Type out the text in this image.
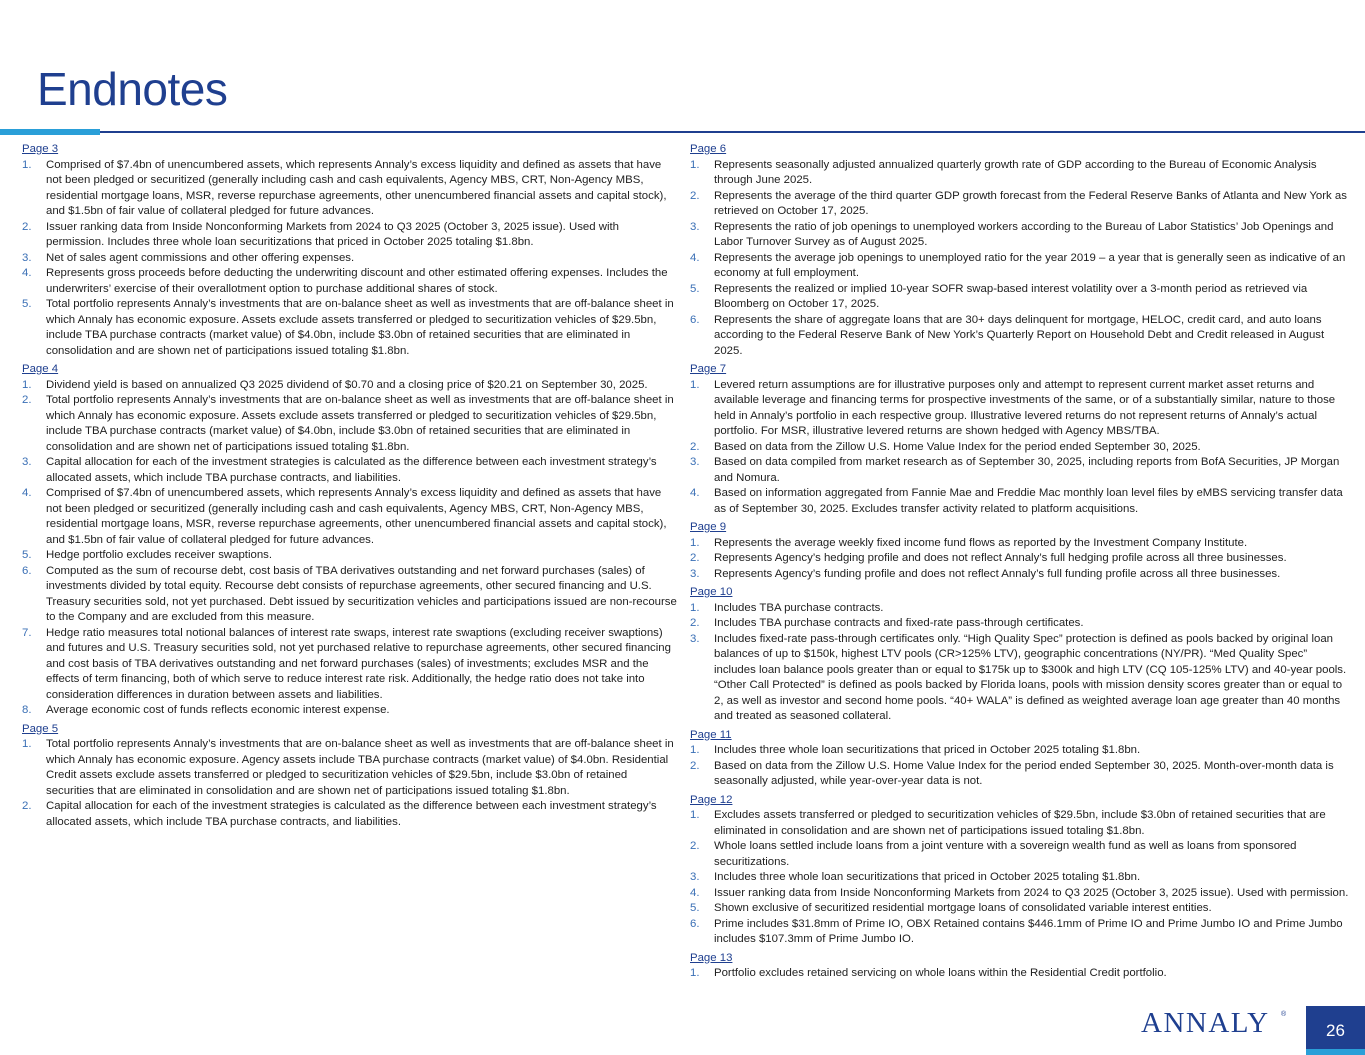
Endnotes
Page 3
1. Comprised of $7.4bn of unencumbered assets, which represents Annaly’s excess liquidity and defined as assets that have not been pledged or securitized (generally including cash and cash equivalents, Agency MBS, CRT, Non-Agency MBS, residential mortgage loans, MSR, reverse repurchase agreements, other unencumbered financial assets and capital stock), and $1.5bn of fair value of collateral pledged for future advances.
2. Issuer ranking data from Inside Nonconforming Markets from 2024 to Q3 2025 (October 3, 2025 issue). Used with permission. Includes three whole loan securitizations that priced in October 2025 totaling $1.8bn.
3. Net of sales agent commissions and other offering expenses.
4. Represents gross proceeds before deducting the underwriting discount and other estimated offering expenses. Includes the underwriters’ exercise of their overallotment option to purchase additional shares of stock.
5. Total portfolio represents Annaly’s investments that are on-balance sheet as well as investments that are off-balance sheet in which Annaly has economic exposure. Assets exclude assets transferred or pledged to securitization vehicles of $29.5bn, include TBA purchase contracts (market value) of $4.0bn, include $3.0bn of retained securities that are eliminated in consolidation and are shown net of participations issued totaling $1.8bn.
Page 4
1. Dividend yield is based on annualized Q3 2025 dividend of $0.70 and a closing price of $20.21 on September 30, 2025.
2. Total portfolio represents Annaly’s investments that are on-balance sheet as well as investments that are off-balance sheet in which Annaly has economic exposure. Assets exclude assets transferred or pledged to securitization vehicles of $29.5bn, include TBA purchase contracts (market value) of $4.0bn, include $3.0bn of retained securities that are eliminated in consolidation and are shown net of participations issued totaling $1.8bn.
3. Capital allocation for each of the investment strategies is calculated as the difference between each investment strategy’s allocated assets, which include TBA purchase contracts, and liabilities.
4. Comprised of $7.4bn of unencumbered assets, which represents Annaly’s excess liquidity and defined as assets that have not been pledged or securitized (generally including cash and cash equivalents, Agency MBS, CRT, Non-Agency MBS, residential mortgage loans, MSR, reverse repurchase agreements, other unencumbered financial assets and capital stock), and $1.5bn of fair value of collateral pledged for future advances.
5. Hedge portfolio excludes receiver swaptions.
6. Computed as the sum of recourse debt, cost basis of TBA derivatives outstanding and net forward purchases (sales) of investments divided by total equity. Recourse debt consists of repurchase agreements, other secured financing and U.S. Treasury securities sold, not yet purchased. Debt issued by securitization vehicles and participations issued are non-recourse to the Company and are excluded from this measure.
7. Hedge ratio measures total notional balances of interest rate swaps, interest rate swaptions (excluding receiver swaptions) and futures and U.S. Treasury securities sold, not yet purchased relative to repurchase agreements, other secured financing and cost basis of TBA derivatives outstanding and net forward purchases (sales) of investments; excludes MSR and the effects of term financing, both of which serve to reduce interest rate risk. Additionally, the hedge ratio does not take into consideration differences in duration between assets and liabilities.
8. Average economic cost of funds reflects economic interest expense.
Page 5
1. Total portfolio represents Annaly’s investments that are on-balance sheet as well as investments that are off-balance sheet in which Annaly has economic exposure. Agency assets include TBA purchase contracts (market value) of $4.0bn. Residential Credit assets exclude assets transferred or pledged to securitization vehicles of $29.5bn, include $3.0bn of retained securities that are eliminated in consolidation and are shown net of participations issued totaling $1.8bn.
2. Capital allocation for each of the investment strategies is calculated as the difference between each investment strategy’s allocated assets, which include TBA purchase contracts, and liabilities.
Page 6
1. Represents seasonally adjusted annualized quarterly growth rate of GDP according to the Bureau of Economic Analysis through June 2025.
2. Represents the average of the third quarter GDP growth forecast from the Federal Reserve Banks of Atlanta and New York as retrieved on October 17, 2025.
3. Represents the ratio of job openings to unemployed workers according to the Bureau of Labor Statistics’ Job Openings and Labor Turnover Survey as of August 2025.
4. Represents the average job openings to unemployed ratio for the year 2019 – a year that is generally seen as indicative of an economy at full employment.
5. Represents the realized or implied 10-year SOFR swap-based interest volatility over a 3-month period as retrieved via Bloomberg on October 17, 2025.
6. Represents the share of aggregate loans that are 30+ days delinquent for mortgage, HELOC, credit card, and auto loans according to the Federal Reserve Bank of New York’s Quarterly Report on Household Debt and Credit released in August 2025.
Page 7
1. Levered return assumptions are for illustrative purposes only and attempt to represent current market asset returns and available leverage and financing terms for prospective investments of the same, or of a substantially similar, nature to those held in Annaly’s portfolio in each respective group. Illustrative levered returns do not represent returns of Annaly’s actual portfolio. For MSR, illustrative levered returns are shown hedged with Agency MBS/TBA.
2. Based on data from the Zillow U.S. Home Value Index for the period ended September 30, 2025.
3. Based on data compiled from market research as of September 30, 2025, including reports from BofA Securities, JP Morgan and Nomura.
4. Based on information aggregated from Fannie Mae and Freddie Mac monthly loan level files by eMBS servicing transfer data as of September 30, 2025. Excludes transfer activity related to platform acquisitions.
Page 9
1. Represents the average weekly fixed income fund flows as reported by the Investment Company Institute.
2. Represents Agency’s hedging profile and does not reflect Annaly’s full hedging profile across all three businesses.
3. Represents Agency’s funding profile and does not reflect Annaly’s full funding profile across all three businesses.
Page 10
1. Includes TBA purchase contracts.
2. Includes TBA purchase contracts and fixed-rate pass-through certificates.
3. Includes fixed-rate pass-through certificates only. “High Quality Spec” protection is defined as pools backed by original loan balances of up to $150k, highest LTV pools (CR>125% LTV), geographic concentrations (NY/PR). “Med Quality Spec” includes loan balance pools greater than or equal to $175k up to $300k and high LTV (CQ 105-125% LTV) and 40-year pools. “Other Call Protected” is defined as pools backed by Florida loans, pools with mission density scores greater than or equal to 2, as well as investor and second home pools. “40+ WALA” is defined as weighted average loan age greater than 40 months and treated as seasoned collateral.
Page 11
1. Includes three whole loan securitizations that priced in October 2025 totaling $1.8bn.
2. Based on data from the Zillow U.S. Home Value Index for the period ended September 30, 2025. Month-over-month data is seasonally adjusted, while year-over-year data is not.
Page 12
1. Excludes assets transferred or pledged to securitization vehicles of $29.5bn, include $3.0bn of retained securities that are eliminated in consolidation and are shown net of participations issued totaling $1.8bn.
2. Whole loans settled include loans from a joint venture with a sovereign wealth fund as well as loans from sponsored securitizations.
3. Includes three whole loan securitizations that priced in October 2025 totaling $1.8bn.
4. Issuer ranking data from Inside Nonconforming Markets from 2024 to Q3 2025 (October 3, 2025 issue). Used with permission.
5. Shown exclusive of securitized residential mortgage loans of consolidated variable interest entities.
6. Prime includes $31.8mm of Prime IO, OBX Retained contains $446.1mm of Prime IO and Prime Jumbo IO and Prime Jumbo includes $107.3mm of Prime Jumbo IO.
Page 13
1. Portfolio excludes retained servicing on whole loans within the Residential Credit portfolio.
ANNALY ®
26
